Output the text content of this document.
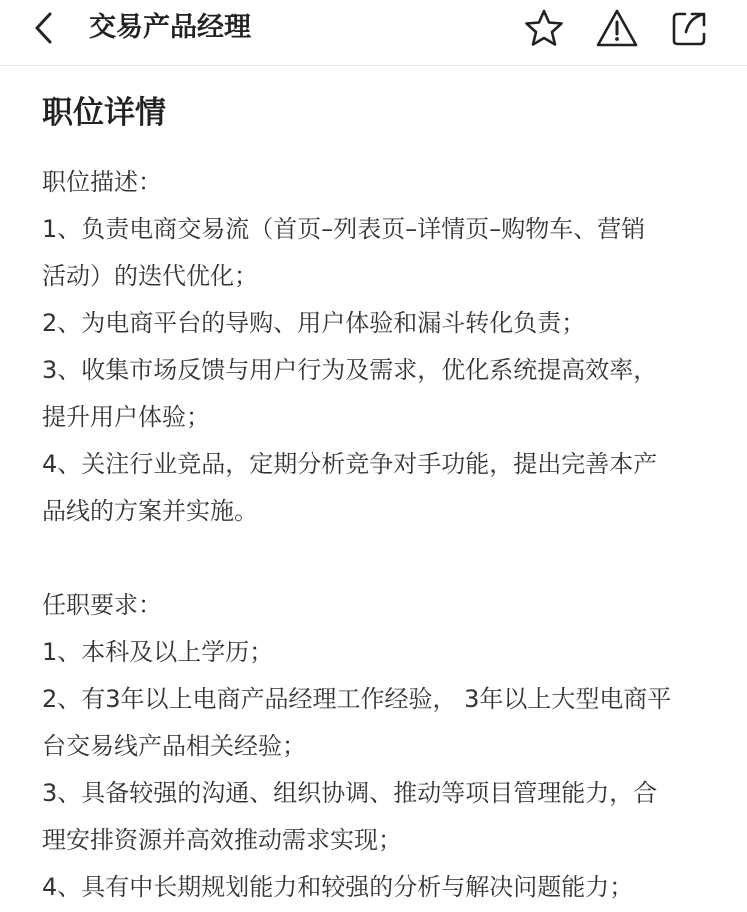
交易产品经理
职位详情
职位描述：
1、负责电商交易流（首页–列表页–详情页–购物车、营销
活动）的迭代优化；
2、为电商平台的导购、用户体验和漏斗转化负责；
3、收集市场反馈与用户行为及需求，优化系统提高效率，
提升用户体验；
4、关注行业竞品，定期分析竞争对手功能，提出完善本产
品线的方案并实施。
任职要求：
1、本科及以上学历；
2、有3年以上电商产品经理工作经验， 3年以上大型电商平
台交易线产品相关经验；
3、具备较强的沟通、组织协调、推动等项目管理能力，合
理安排资源并高效推动需求实现；
4、具有中长期规划能力和较强的分析与解决问题能力；
